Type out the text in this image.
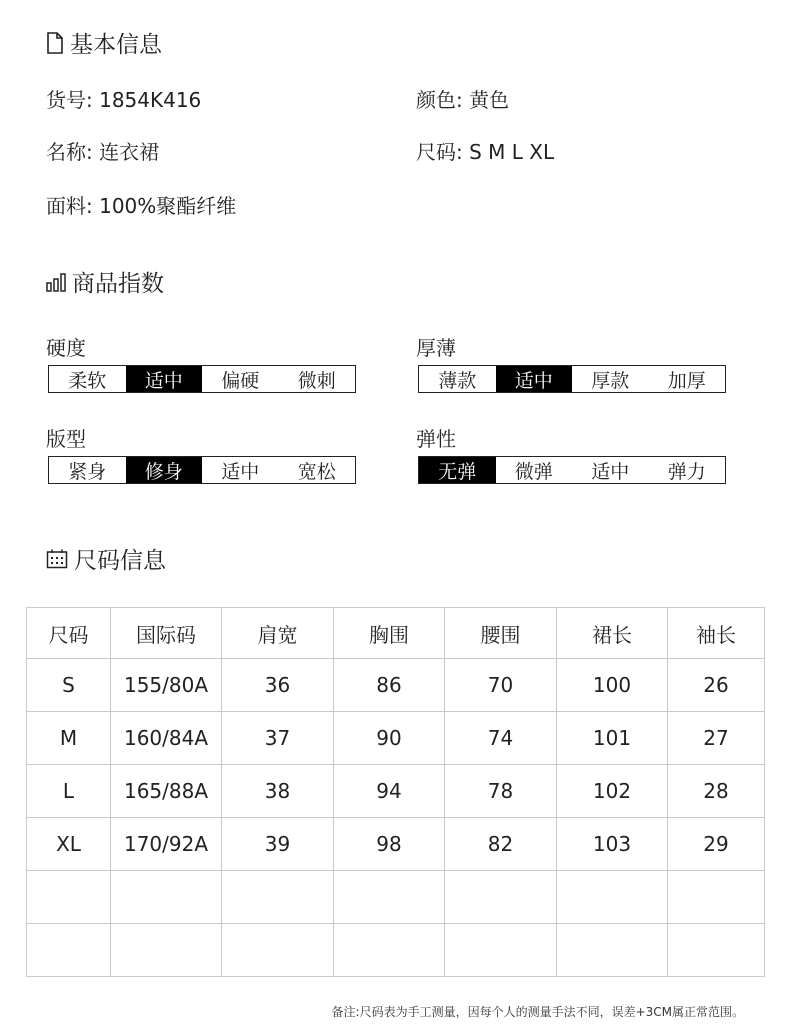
基本信息
货号: 1854K416	颜色: 黄色
名称: 连衣裙	尺码: S M L XL
面料: 100%聚酯纤维
商品指数
硬度
柔软	适中	偏硬	微刺
厚薄
薄款	适中	厚款	加厚
版型
紧身	修身	适中	宽松
弹性
无弹	微弹	适中	弹力
尺码信息
尺码	国际码	肩宽	胸围	腰围	裙长	袖长
S	155/80A	36	86	70	100	26
M	160/84A	37	90	74	101	27
L	165/88A	38	94	78	102	28
XL	170/92A	39	98	82	103	29

备注:尺码表为手工测量，因每个人的测量手法不同，误差+3CM属正常范围。
